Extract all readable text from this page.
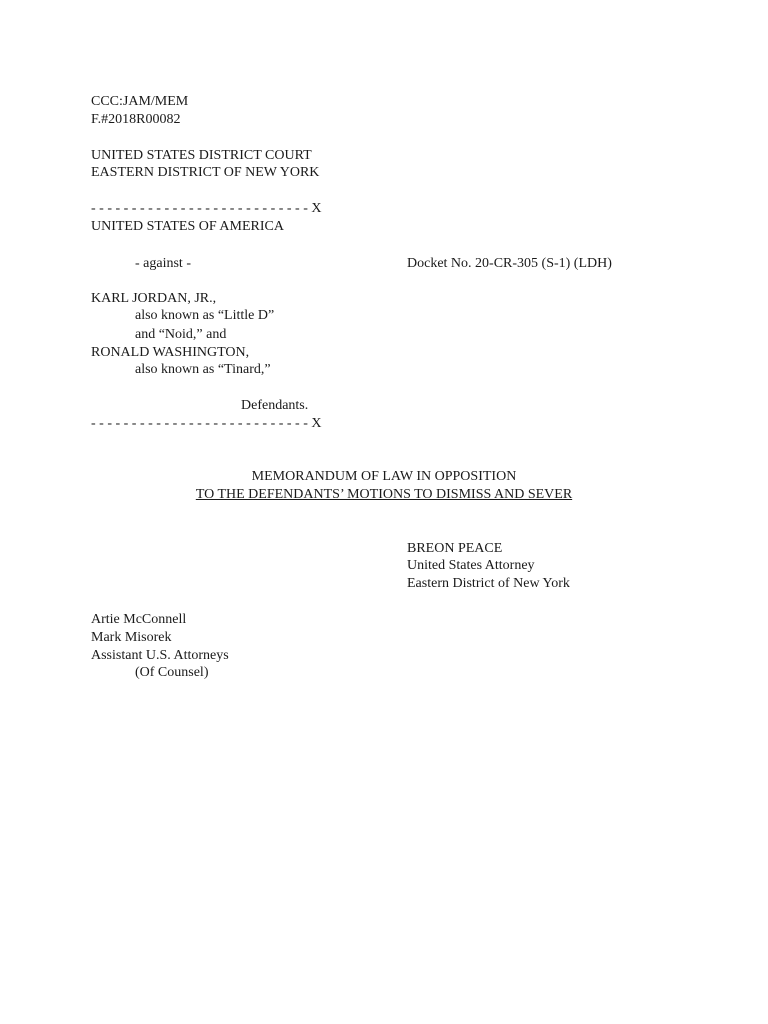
CCC:JAM/MEM
F.#2018R00082
UNITED STATES DISTRICT COURT
EASTERN DISTRICT OF NEW YORK
- - - - - - - - - - - - - - - - - - - - - - - - - - - X
UNITED STATES OF AMERICA
- against -	Docket No. 20-CR-305 (S-1) (LDH)
KARL JORDAN, JR.,
also known as “Little D”
and “Noid,” and
RONALD WASHINGTON,
also known as “Tinard,”
Defendants.
- - - - - - - - - - - - - - - - - - - - - - - - - - - X
MEMORANDUM OF LAW IN OPPOSITION
TO THE DEFENDANTS’ MOTIONS TO DISMISS AND SEVER
BREON PEACE
United States Attorney
Eastern District of New York
Artie McConnell
Mark Misorek
Assistant U.S. Attorneys
(Of Counsel)
